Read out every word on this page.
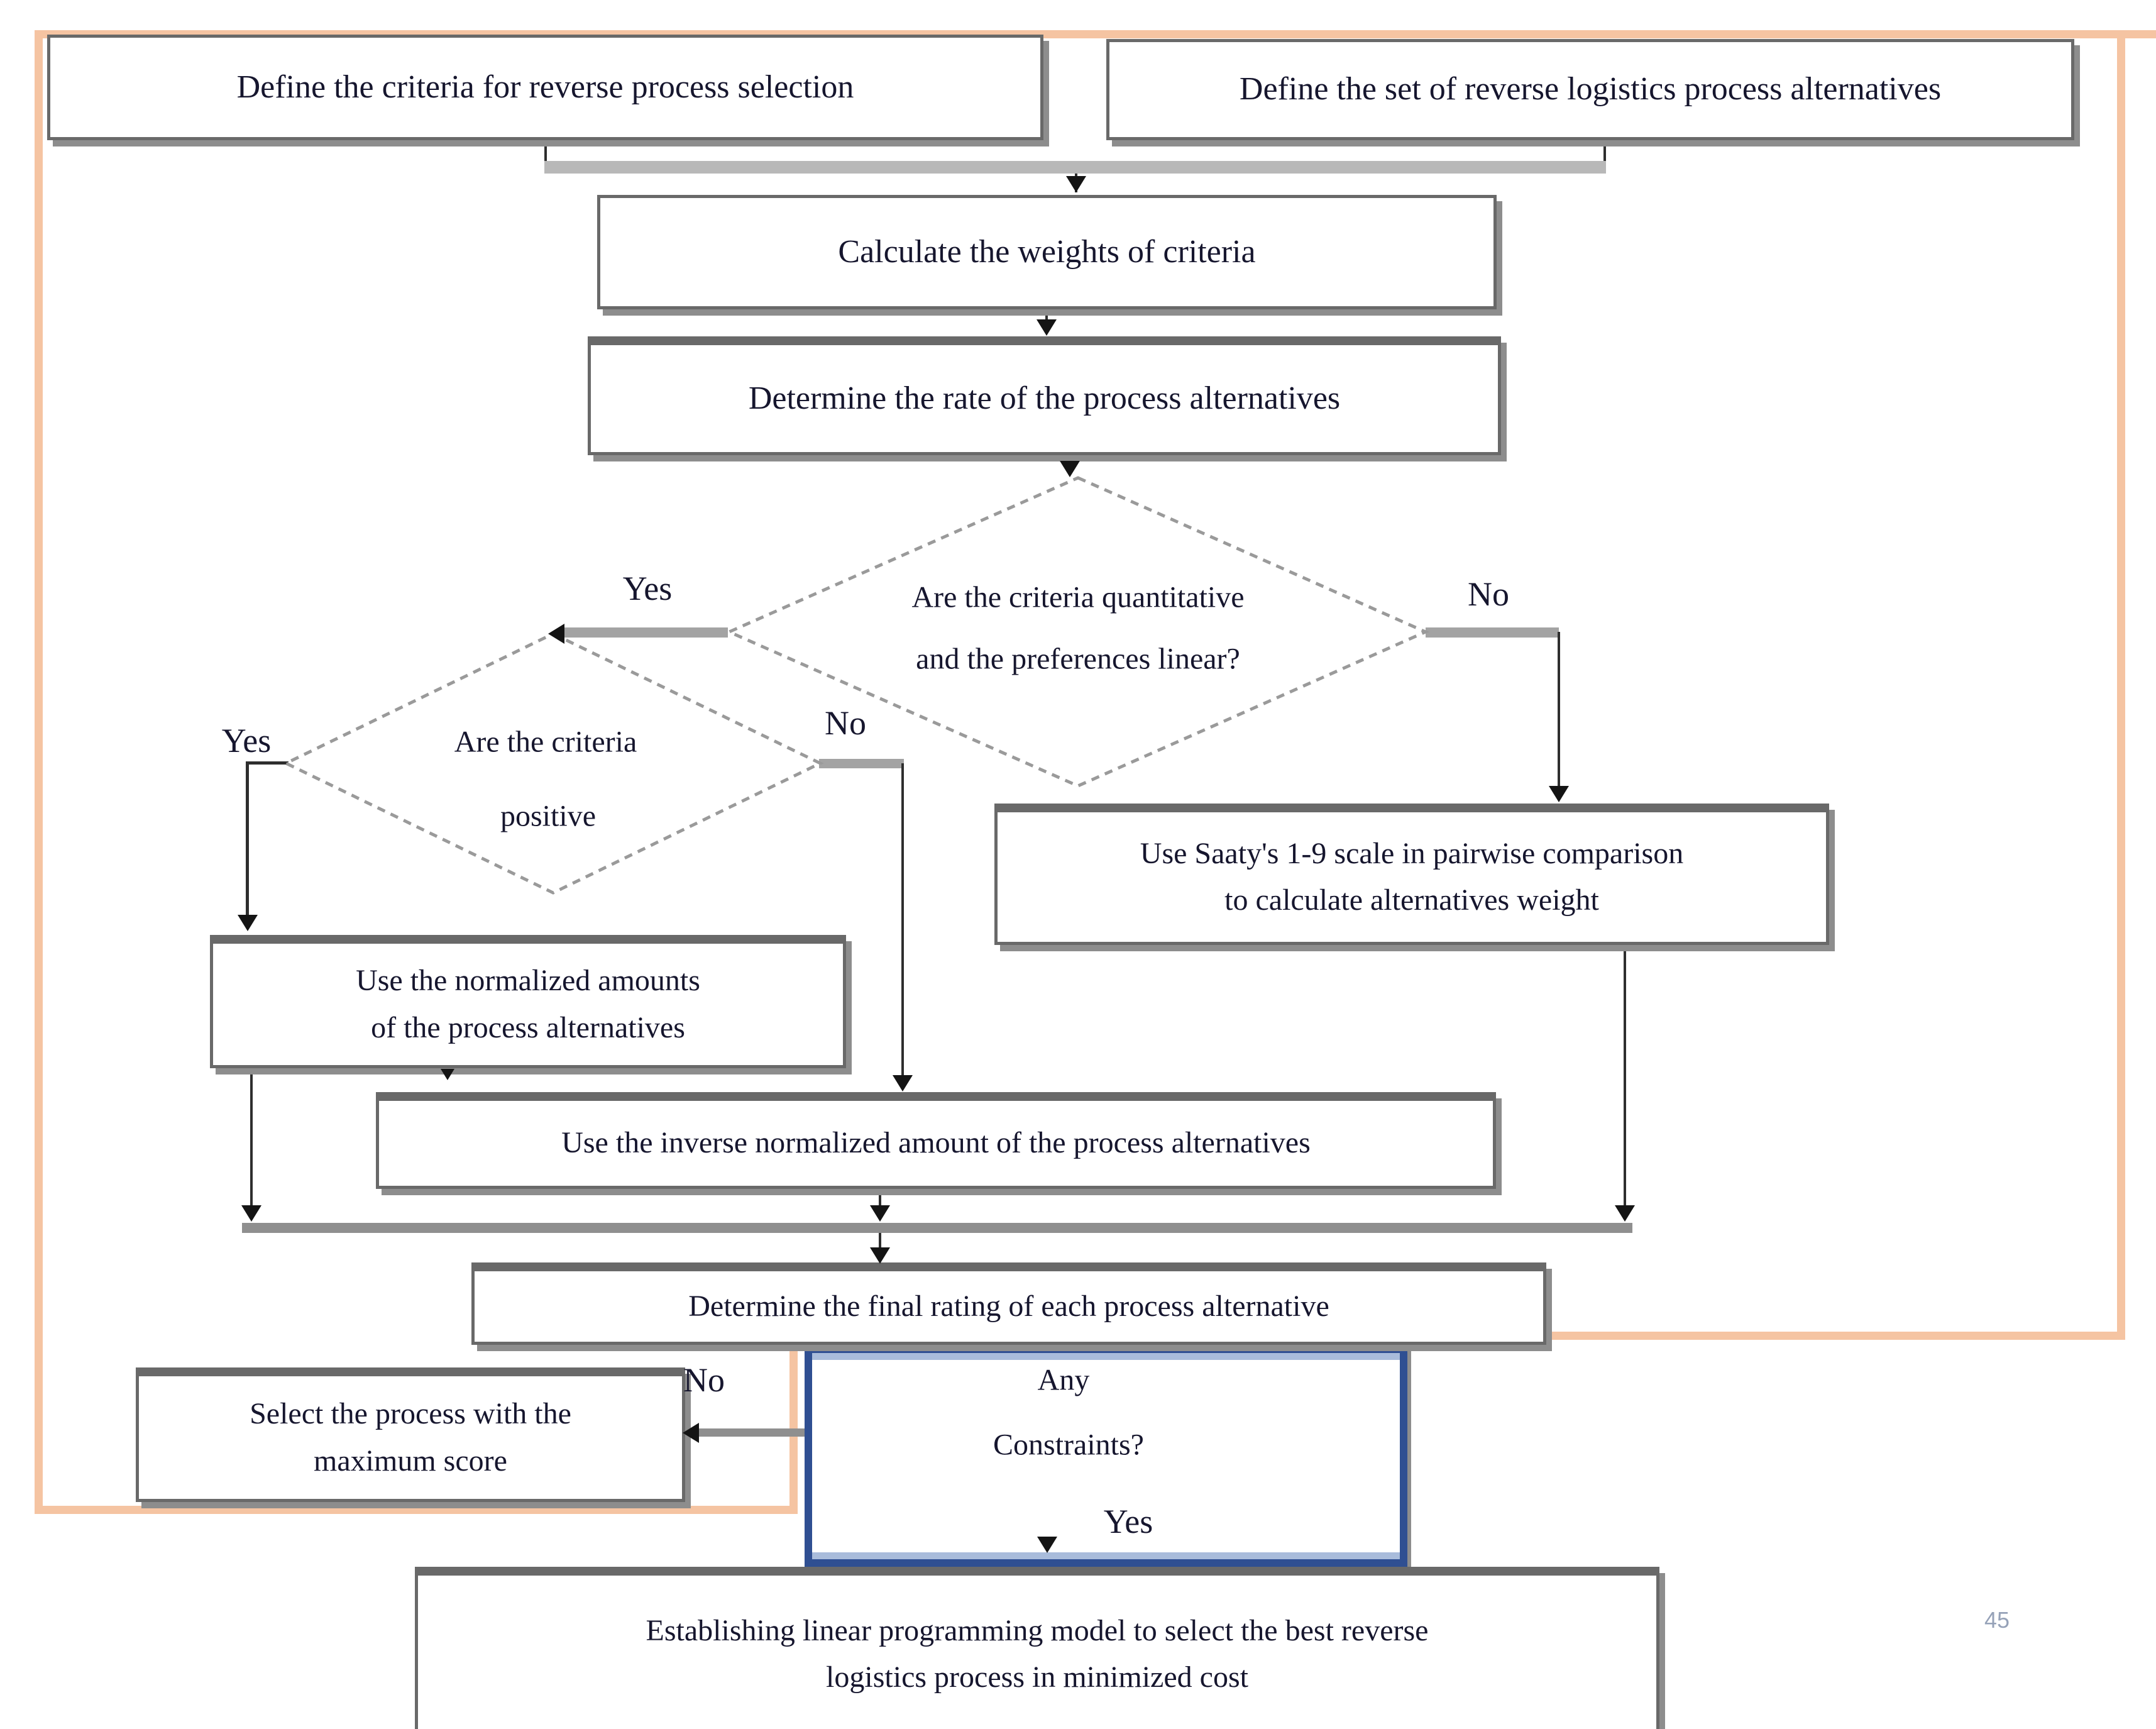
Define the criteria for reverse process selection	Define the set of reverse logistics process alternatives
Calculate the weights of criteria
Determine the rate of the process alternatives
Use Saaty's 1-9 scale in pairwise comparison
to calculate alternatives weight
Use the normalized amounts
of the process alternatives
Use the inverse normalized amount of the process alternatives
Determine the final rating of each process alternative
Select the process with the
maximum score
Establishing linear programming model to select the best reverse
logistics process in minimized cost
Are the criteria quantitative
and the preferences linear?
Are the criteria
positive
Any
Constraints?
Yes	No
Yes	No
No
Yes
45
